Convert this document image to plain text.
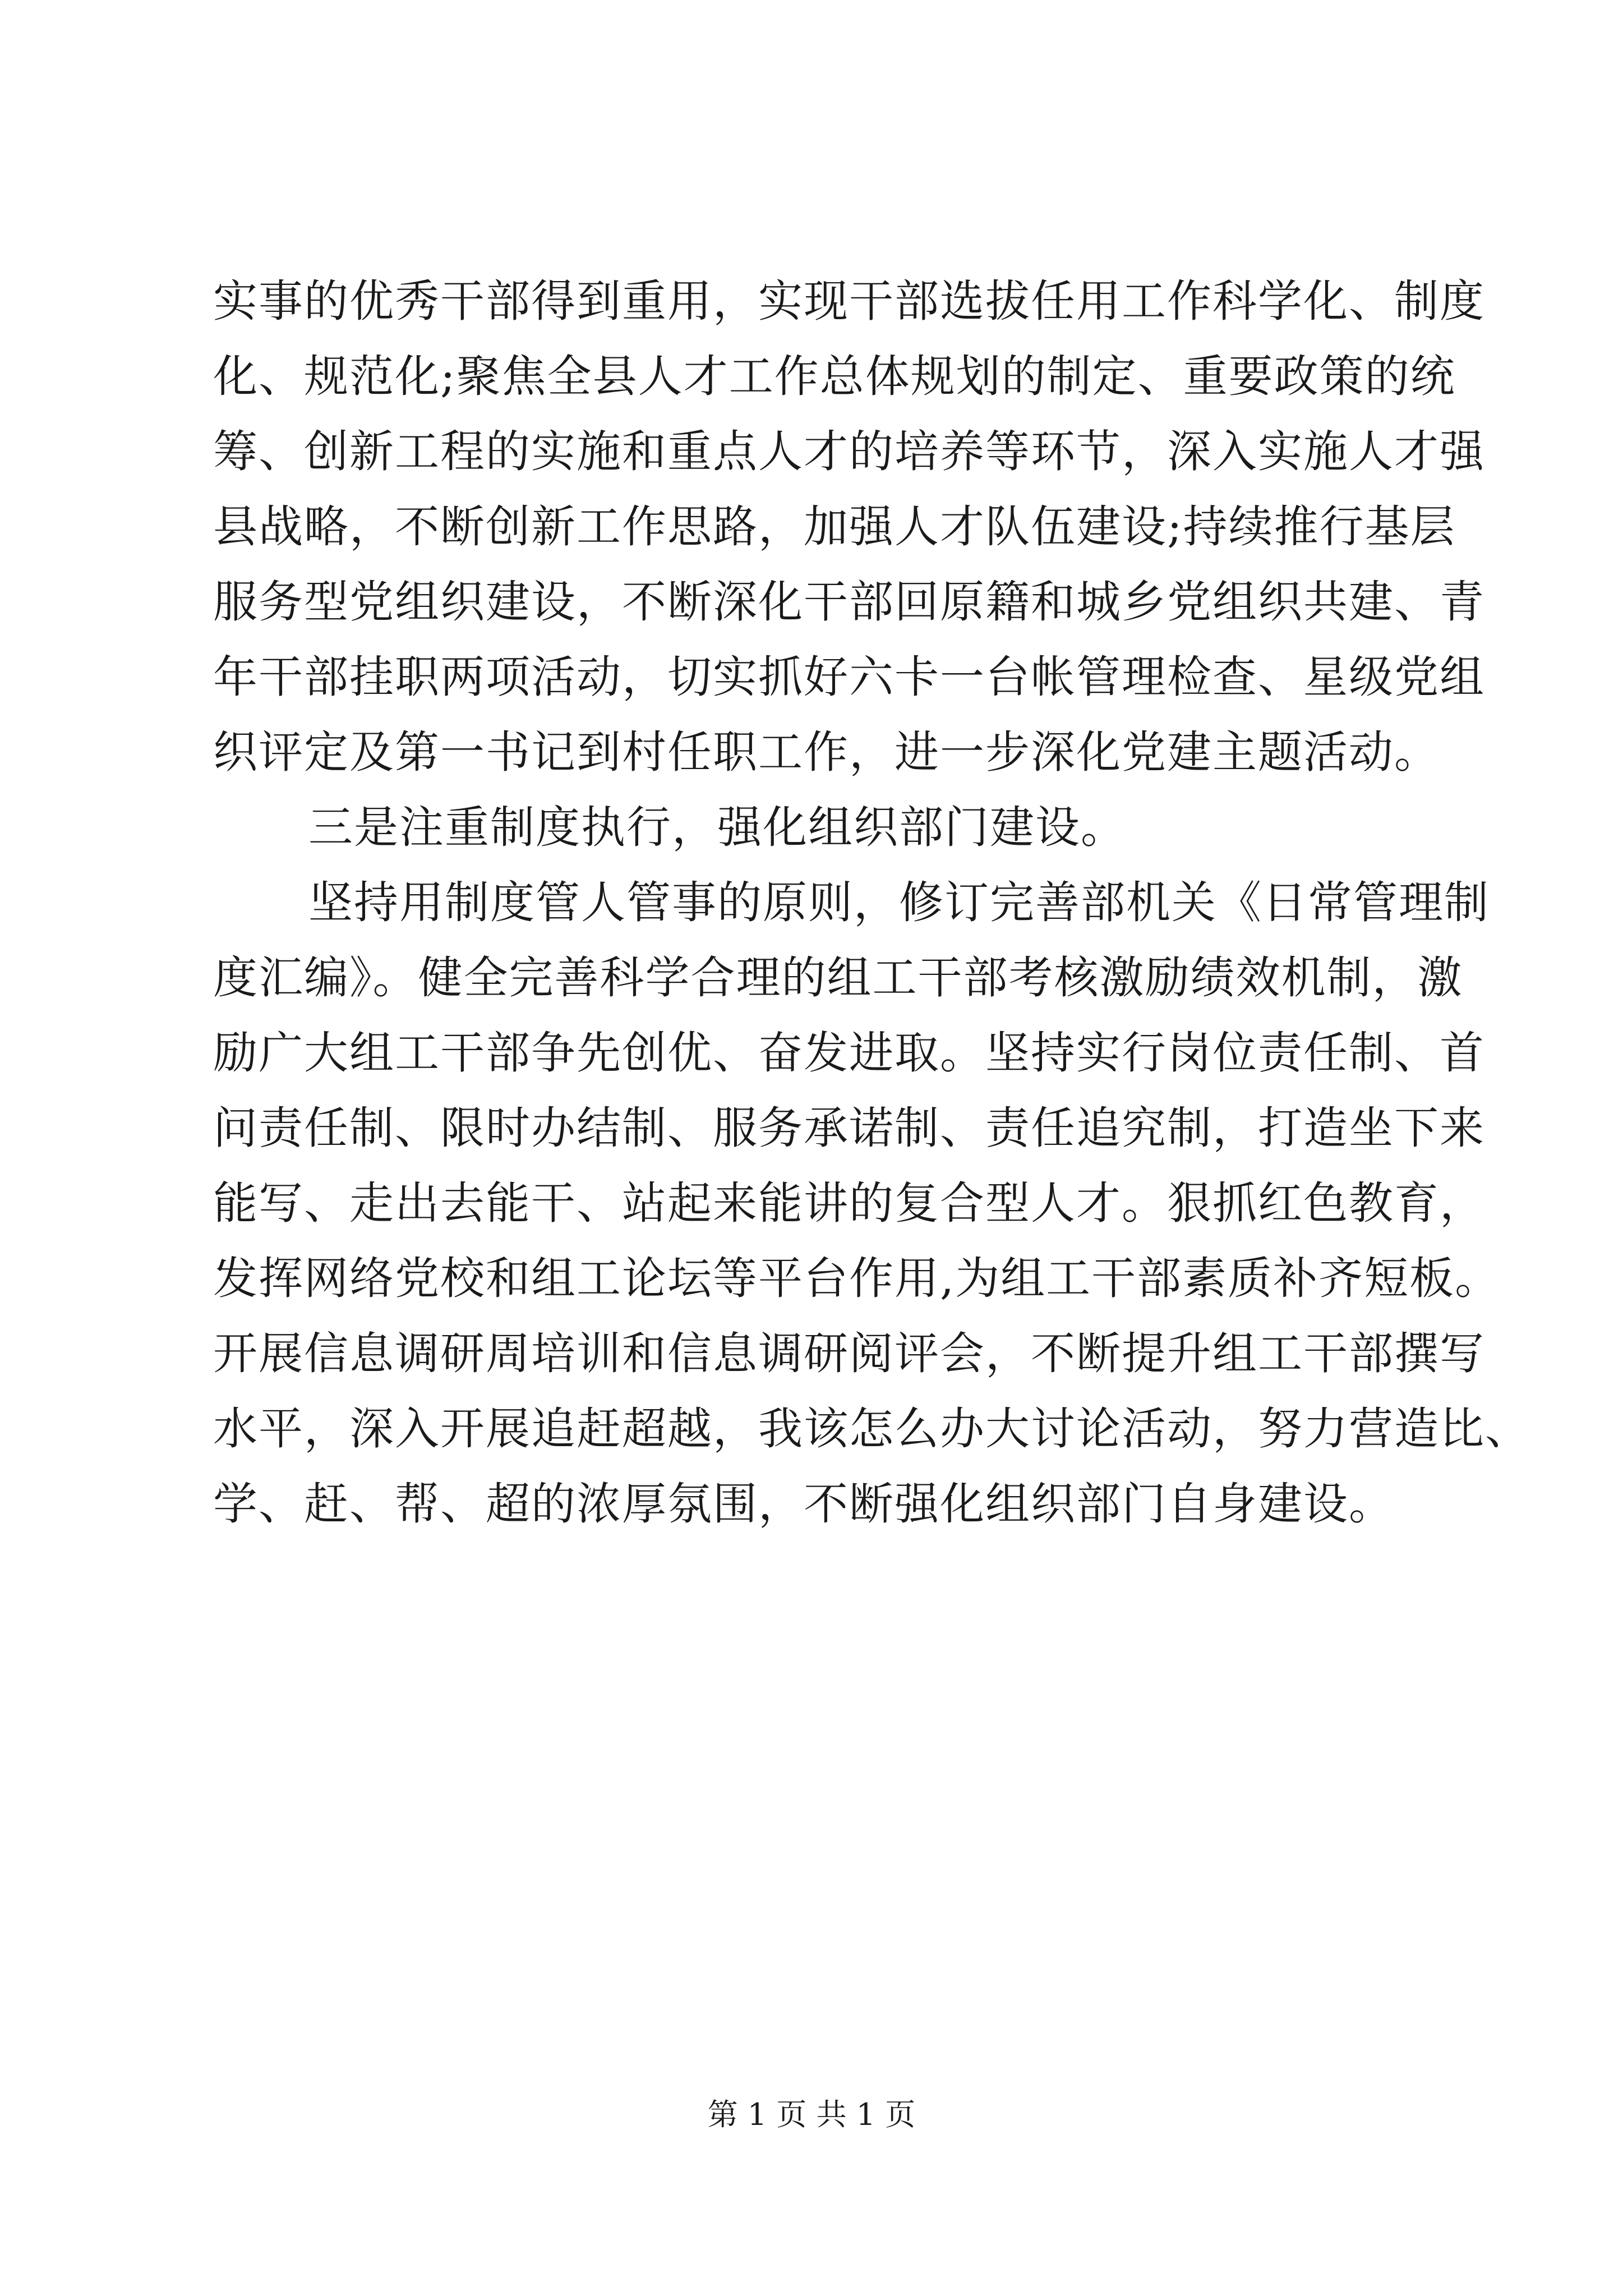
实事的优秀干部得到重用，实现干部选拔任用工作科学化、制度
化、规范化;聚焦全县人才工作总体规划的制定、重要政策的统
筹、创新工程的实施和重点人才的培养等环节，深入实施人才强
县战略，不断创新工作思路，加强人才队伍建设;持续推行基层
服务型党组织建设，不断深化干部回原籍和城乡党组织共建、青
年干部挂职两项活动，切实抓好六卡一台帐管理检查、星级党组
织评定及第一书记到村任职工作，进一步深化党建主题活动。
三是注重制度执行，强化组织部门建设。
坚持用制度管人管事的原则，修订完善部机关《日常管理制
度汇编》。健全完善科学合理的组工干部考核激励绩效机制，激
励广大组工干部争先创优、奋发进取。坚持实行岗位责任制、首
问责任制、限时办结制、服务承诺制、责任追究制，打造坐下来
能写、走出去能干、站起来能讲的复合型人才。狠抓红色教育，
发挥网络党校和组工论坛等平台作用,为组工干部素质补齐短板。
开展信息调研周培训和信息调研阅评会，不断提升组工干部撰写
水平，深入开展追赶超越，我该怎么办大讨论活动，努力营造比、
学、赶、帮、超的浓厚氛围，不断强化组织部门自身建设。
第 1 页 共 1 页
